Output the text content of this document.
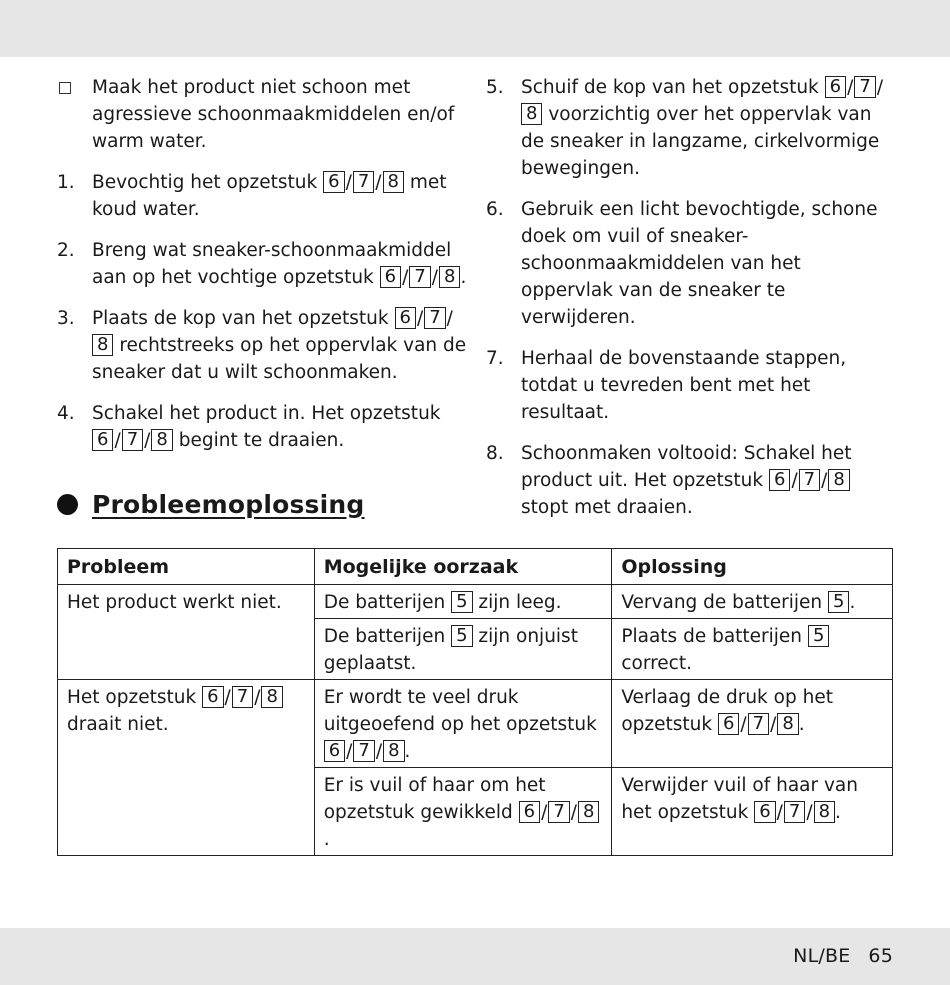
Maak het product niet schoon met agressieve schoonmaakmiddelen en/of warm water.
1. Bevochtig het opzetstuk 6 / 7 / 8 met koud water.
2. Breng wat sneaker-schoonmaakmiddel aan op het vochtige opzetstuk 6 / 7 / 8 .
3. Plaats de kop van het opzetstuk 6 / 7 /8 rechtstreeks op het oppervlak van de sneaker dat u wilt schoonmaken.
4. Schakel het product in. Het opzetstuk 6 / 7 / 8 begint te draaien.
5. Schuif de kop van het opzetstuk 6 / 7 /8 voorzichtig over het oppervlak van de sneaker in langzame, cirkelvormige bewegingen.
6. Gebruik een licht bevochtigde, schone doek om vuil of sneaker-schoonmaakmiddelen van het oppervlak van de sneaker te verwijderen.
7. Herhaal de bovenstaande stappen, totdat u tevreden bent met het resultaat.
8. Schoonmaken voltooid: Schakel het product uit. Het opzetstuk 6 / 7 / 8 stopt met draaien.
Probleemoplossing
Probleem	Mogelijke oorzaak	Oplossing
Het product werkt niet.	De batterijen 5 zijn leeg.	Vervang de batterijen 5 .
	De batterijen 5 zijn onjuist geplaatst.	Plaats de batterijen 5 correct.
Het opzetstuk 6 / 7 / 8 draait niet.	Er wordt te veel druk uitgeoefend op het opzetstuk 6 / 7 / 8 .	Verlaag de druk op het opzetstuk 6 / 7 / 8 .
	Er is vuil of haar om het opzetstuk gewikkeld 6 / 7 / 8.	Verwijder vuil of haar van het opzetstuk 6 / 7 / 8 .
NL/BE 65
